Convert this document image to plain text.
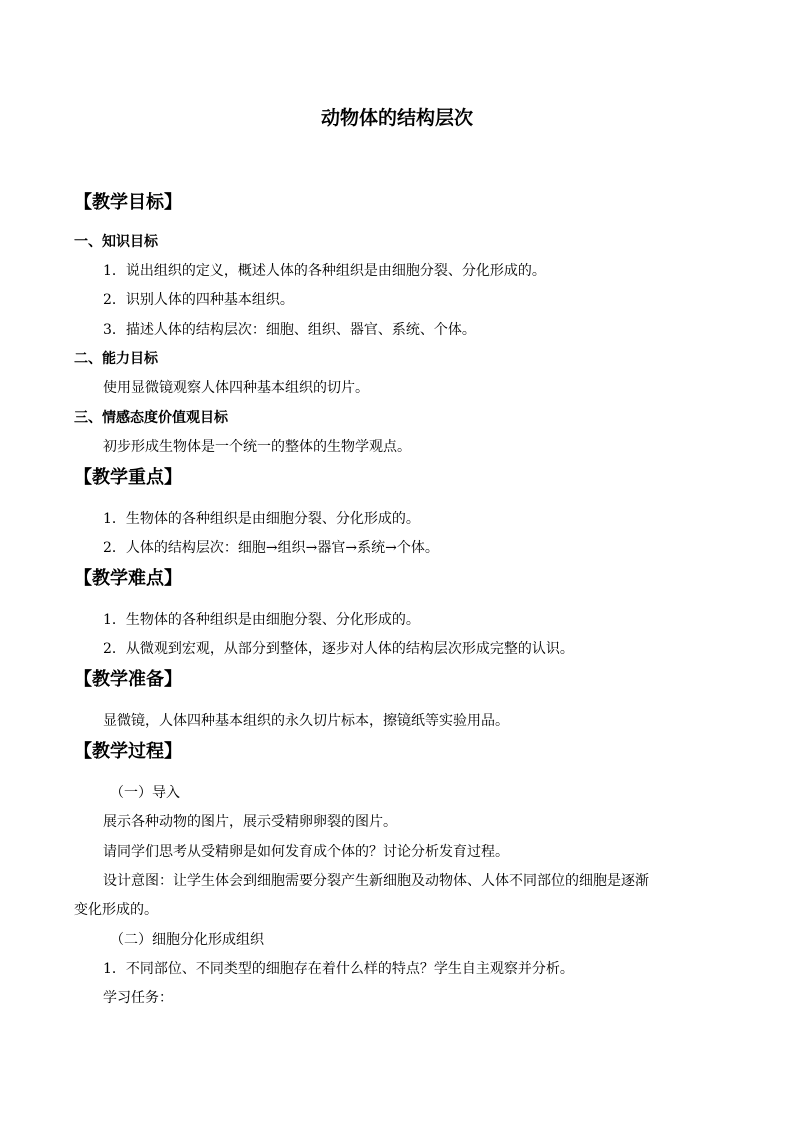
动物体的结构层次
【教学目标】
一、知识目标
1．说出组织的定义，概述人体的各种组织是由细胞分裂、分化形成的。
2．识别人体的四种基本组织。
3．描述人体的结构层次：细胞、组织、器官、系统、个体。
二、能力目标
使用显微镜观察人体四种基本组织的切片。
三、情感态度价值观目标
初步形成生物体是一个统一的整体的生物学观点。
【教学重点】
1．生物体的各种组织是由细胞分裂、分化形成的。
2．人体的结构层次：细胞→组织→器官→系统→个体。
【教学难点】
1．生物体的各种组织是由细胞分裂、分化形成的。
2．从微观到宏观，从部分到整体，逐步对人体的结构层次形成完整的认识。
【教学准备】
显微镜，人体四种基本组织的永久切片标本，擦镜纸等实验用品。
【教学过程】
（一）导入
展示各种动物的图片，展示受精卵卵裂的图片。
请同学们思考从受精卵是如何发育成个体的？讨论分析发育过程。
设计意图：让学生体会到细胞需要分裂产生新细胞及动物体、人体不同部位的细胞是逐渐
变化形成的。
（二）细胞分化形成组织
1．不同部位、不同类型的细胞存在着什么样的特点？学生自主观察并分析。
学习任务：
